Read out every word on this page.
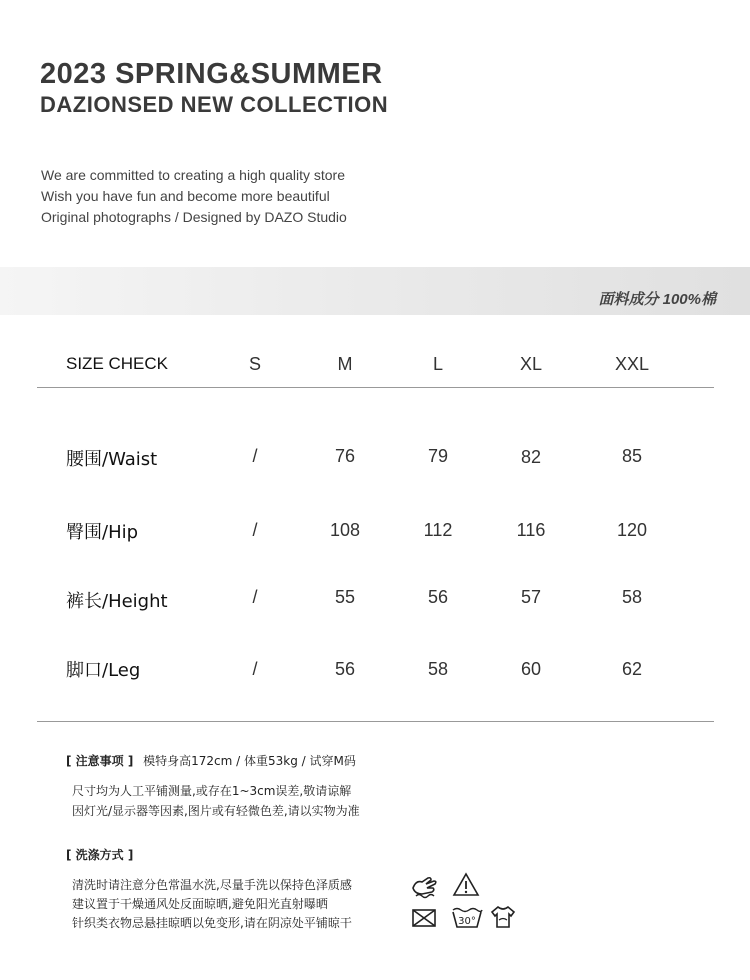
2023 SPRING&SUMMER
DAZIONSED NEW COLLECTION
We are committed to creating a high quality store
Wish you have fun and become more beautiful
Original photographs / Designed by DAZO Studio
面料成分 100%棉
SIZE CHECK	S	M	L	XL	XXL
腰围/Waist	/	76	79	82	85
臀围/Hip	/	108	112	116	120
裤长/Height	/	55	56	57	58
脚口/Leg	/	56	58	60	62
[ 注意事项 ] 模特身高172cm / 体重53kg / 试穿M码
尺寸均为人工平铺测量,或存在1~3cm误差,敬请谅解
因灯光/显示器等因素,图片或有轻微色差,请以实物为准
[ 洗涤方式 ]
清洗时请注意分色常温水洗,尽量手洗以保持色泽质感
建议置于干燥通风处反面晾晒,避免阳光直射曝晒
针织类衣物忌悬挂晾晒以免变形,请在阴凉处平铺晾干	30°
